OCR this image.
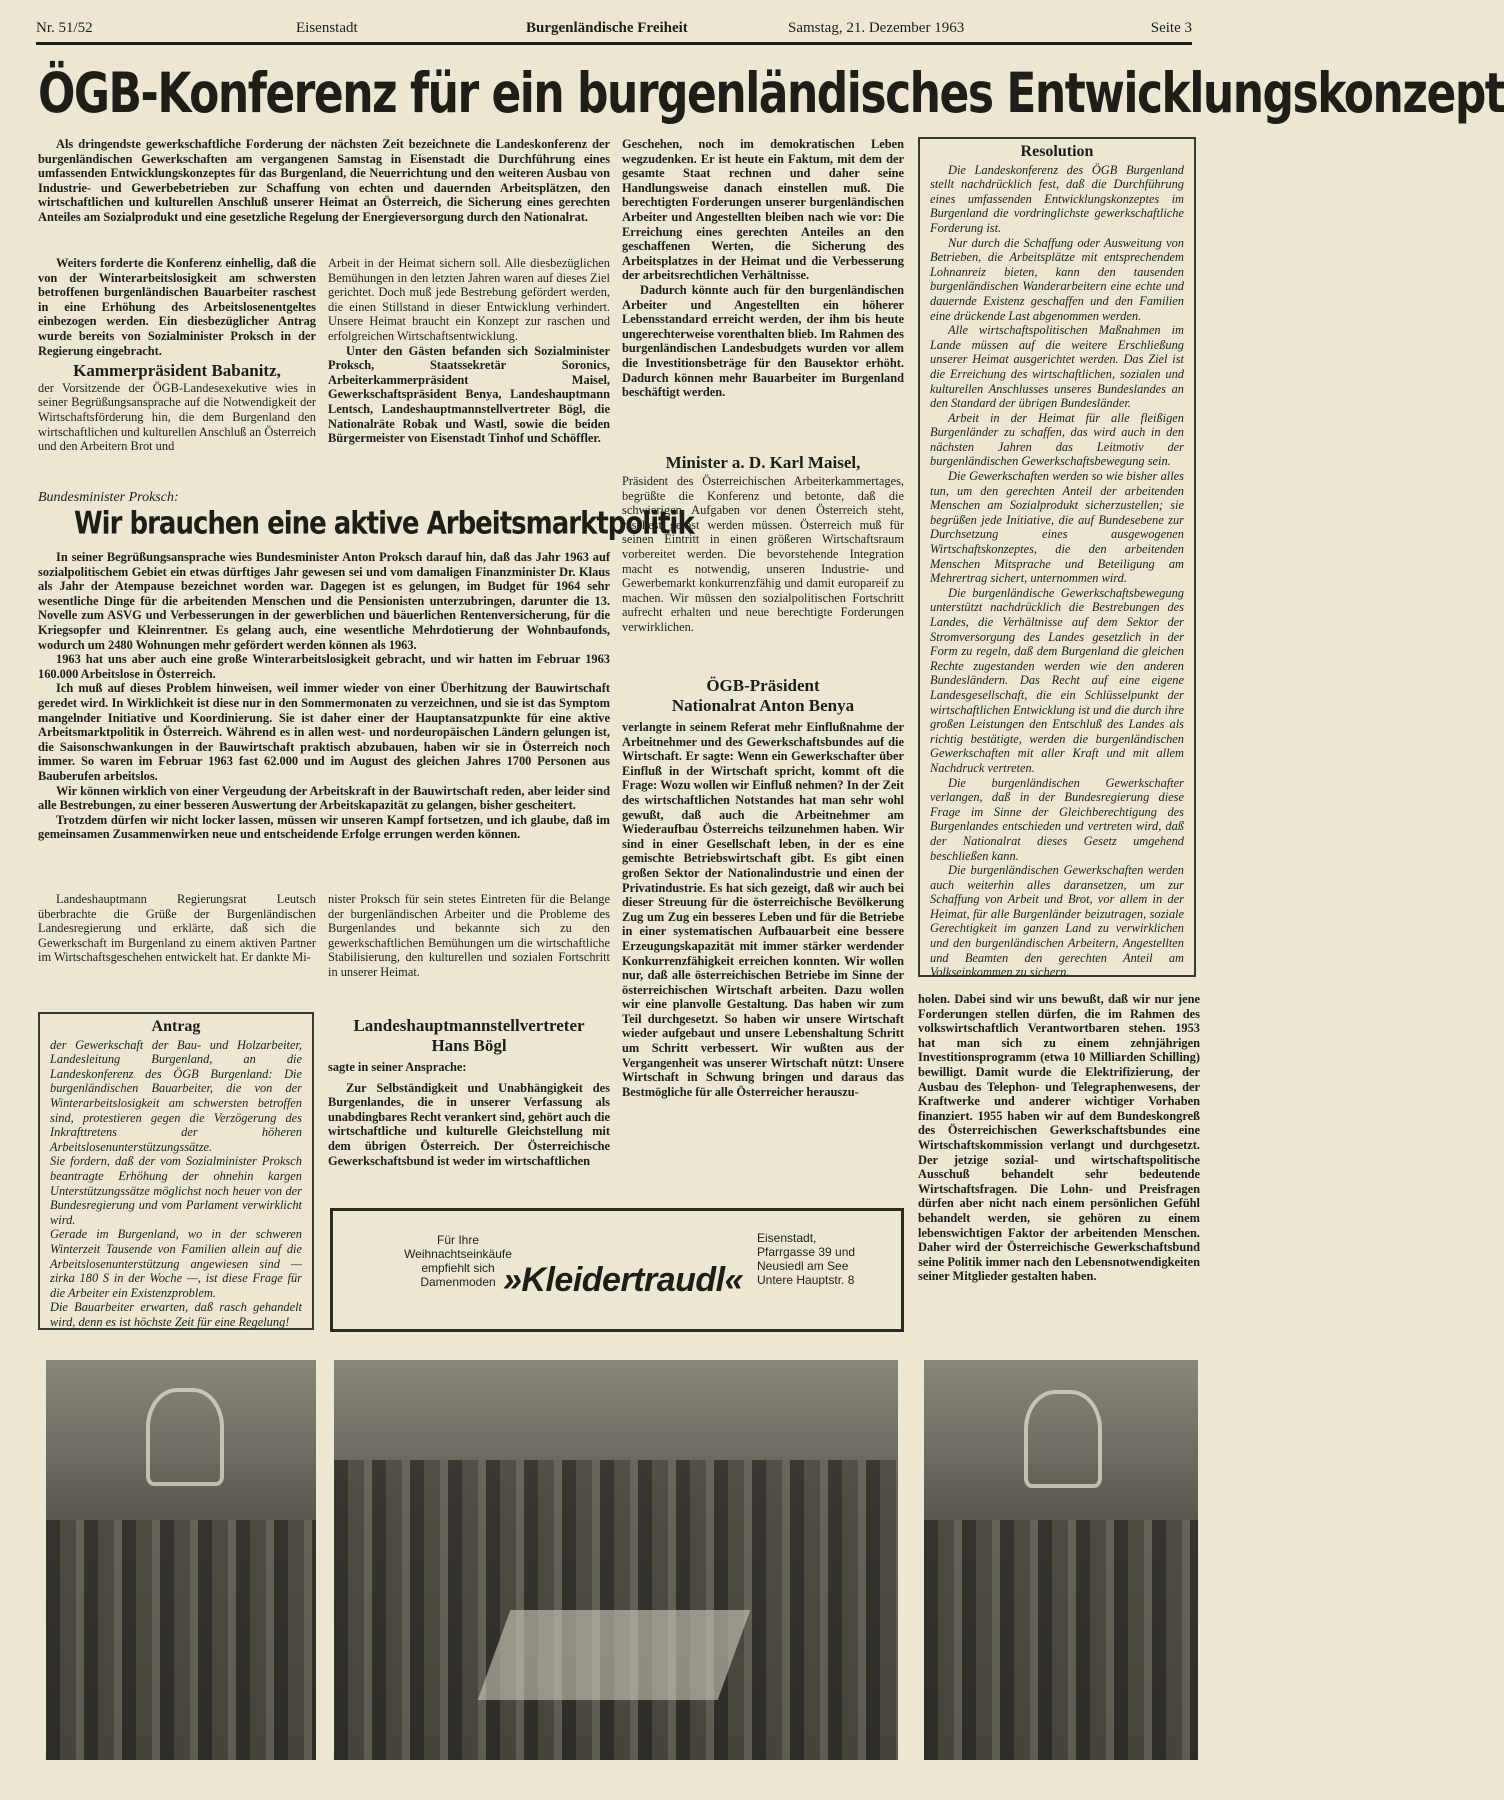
Nr. 51/52	Eisenstadt	Burgenländische Freiheit	Samstag, 21. Dezember 1963	Seite 3
ÖGB-Konferenz für ein burgenländisches Entwicklungskonzept

Als dringendste gewerkschaftliche Forderung der nächsten Zeit bezeichnete die Landeskonferenz der burgenländischen Gewerkschaften am vergangenen Samstag in Eisenstadt die Durchführung eines umfassenden Entwicklungskonzeptes für das Burgenland, die Neuerrichtung und den weiteren Ausbau von Industrie- und Gewerbebetrieben zur Schaffung von echten und dauernden Arbeitsplätzen, den wirtschaftlichen und kulturellen Anschluß unserer Heimat an Österreich, die Sicherung eines gerechten Anteiles am Sozialprodukt und eine gesetzliche Regelung der Energieversorgung durch den Nationalrat.

Weiters forderte die Konferenz einhellig, daß die von der Winterarbeitslosigkeit am schwersten betroffenen burgenländischen Bauarbeiter raschest in eine Erhöhung des Arbeitslosenentgeltes einbezogen werden. Ein diesbezüglicher Antrag wurde bereits von Sozialminister Proksch in der Regierung eingebracht.

Kammerpräsident Babanitz,

der Vorsitzende der ÖGB-Landesexekutive wies in seiner Begrüßungsansprache auf die Notwendigkeit der Wirtschaftsförderung hin, die dem Burgenland den wirtschaftlichen und kulturellen Anschluß an Österreich und den Arbeitern Brot und

Arbeit in der Heimat sichern soll. Alle diesbezüglichen Bemühungen in den letzten Jahren waren auf dieses Ziel gerichtet. Doch muß jede Bestrebung gefördert werden, die einen Stillstand in dieser Entwicklung verhindert. Unsere Heimat braucht ein Konzept zur raschen und erfolgreichen Wirtschaftsentwicklung.

Unter den Gästen befanden sich Sozialminister Proksch, Staatssekretär Soronics, Arbeiterkammerpräsident Maisel, Gewerkschaftspräsident Benya, Landeshauptmann Lentsch, Landeshauptmannstellvertreter Bögl, die Nationalräte Robak und Wastl, sowie die beiden Bürgermeister von Eisenstadt Tinhof und Schöffler.

Geschehen, noch im demokratischen Leben wegzudenken. Er ist heute ein Faktum, mit dem der gesamte Staat rechnen und daher seine Handlungsweise danach einstellen muß. Die berechtigten Forderungen unserer burgenländischen Arbeiter und Angestellten bleiben nach wie vor: Die Erreichung eines gerechten Anteiles an den geschaffenen Werten, die Sicherung des Arbeitsplatzes in der Heimat und die Verbesserung der arbeitsrechtlichen Verhältnisse.

Dadurch könnte auch für den burgenländischen Arbeiter und Angestellten ein höherer Lebensstandard erreicht werden, der ihm bis heute ungerechterweise vorenthalten blieb. Im Rahmen des burgenländischen Landesbudgets wurden vor allem die Investitionsbeträge für den Bausektor erhöht. Dadurch können mehr Bauarbeiter im Burgenland beschäftigt werden.

Minister a. D. Karl Maisel,

Präsident des Österreichischen Arbeiterkammertages, begrüßte die Konferenz und betonte, daß die schwierigen Aufgaben vor denen Österreich steht, raschest gelöst werden müssen. Österreich muß für seinen Eintritt in einen größeren Wirtschaftsraum vorbereitet werden. Die bevorstehende Integration macht es notwendig, unseren Industrie- und Gewerbemarkt konkurrenzfähig und damit europareif zu machen. Wir müssen den sozialpolitischen Fortschritt aufrecht erhalten und neue berechtigte Forderungen verwirklichen.

ÖGB-Präsident
Nationalrat Anton Benya

verlangte in seinem Referat mehr Einflußnahme der Arbeitnehmer und des Gewerkschaftsbundes auf die Wirtschaft. Er sagte: Wenn ein Gewerkschafter über Einfluß in der Wirtschaft spricht, kommt oft die Frage: Wozu wollen wir Einfluß nehmen? In der Zeit des wirtschaftlichen Notstandes hat man sehr wohl gewußt, daß auch die Arbeitnehmer am Wiederaufbau Österreichs teilzunehmen haben. Wir sind in einer Gesellschaft leben, in der es eine gemischte Betriebswirtschaft gibt. Es gibt einen großen Sektor der Nationalindustrie und einen der Privatindustrie. Es hat sich gezeigt, daß wir auch bei dieser Streuung für die österreichische Bevölkerung Zug um Zug ein besseres Leben und für die Betriebe in einer systematischen Aufbauarbeit eine bessere Erzeugungskapazität mit immer stärker werdender Konkurrenzfähigkeit erreichen konnten. Wir wollen nur, daß alle österreichischen Betriebe im Sinne der österreichischen Wirtschaft arbeiten. Dazu wollen wir eine planvolle Gestaltung. Das haben wir zum Teil durchgesetzt. So haben wir unsere Wirtschaft wieder aufgebaut und unsere Lebenshaltung Schritt um Schritt verbessert. Wir wußten aus der Vergangenheit was unserer Wirtschaft nützt: Unsere Wirtschaft in Schwung bringen und daraus das Bestmögliche für alle Österreicher herauszu-

Resolution

Die Landeskonferenz des ÖGB Burgenland stellt nachdrücklich fest, daß die Durchführung eines umfassenden Entwicklungskonzeptes im Burgenland die vordringlichste gewerkschaftliche Forderung ist.

Nur durch die Schaffung oder Ausweitung von Betrieben, die Arbeitsplätze mit entsprechendem Lohnanreiz bieten, kann den tausenden burgenländischen Wanderarbeitern eine echte und dauernde Existenz geschaffen und den Familien eine drückende Last abgenommen werden.

Alle wirtschaftspolitischen Maßnahmen im Lande müssen auf die weitere Erschließung unserer Heimat ausgerichtet werden. Das Ziel ist die Erreichung des wirtschaftlichen, sozialen und kulturellen Anschlusses unseres Bundeslandes an den Standard der übrigen Bundesländer.

Arbeit in der Heimat für alle fleißigen Burgenländer zu schaffen, das wird auch in den nächsten Jahren das Leitmotiv der burgenländischen Gewerkschaftsbewegung sein.

Die Gewerkschaften werden so wie bisher alles tun, um den gerechten Anteil der arbeitenden Menschen am Sozialprodukt sicherzustellen; sie begrüßen jede Initiative, die auf Bundesebene zur Durchsetzung eines ausgewogenen Wirtschaftskonzeptes, die den arbeitenden Menschen Mitsprache und Beteiligung am Mehrertrag sichert, unternommen wird.

Die burgenländische Gewerkschaftsbewegung unterstützt nachdrücklich die Bestrebungen des Landes, die Verhältnisse auf dem Sektor der Stromversorgung des Landes gesetzlich in der Form zu regeln, daß dem Burgenland die gleichen Rechte zugestanden werden wie den anderen Bundesländern. Das Recht auf eine eigene Landesgesellschaft, die ein Schlüsselpunkt der wirtschaftlichen Entwicklung ist und die durch ihre großen Leistungen den Entschluß des Landes als richtig bestätigte, werden die burgenländischen Gewerkschaften mit aller Kraft und mit allem Nachdruck vertreten.

Die burgenländischen Gewerkschafter verlangen, daß in der Bundesregierung diese Frage im Sinne der Gleichberechtigung des Burgenlandes entschieden und vertreten wird, daß der Nationalrat dieses Gesetz umgehend beschließen kann.

Die burgenländischen Gewerkschaften werden auch weiterhin alles daransetzen, um zur Schaffung von Arbeit und Brot, vor allem in der Heimat, für alle Burgenländer beizutragen, soziale Gerechtigkeit im ganzen Land zu verwirklichen und den burgenländischen Arbeitern, Angestellten und Beamten den gerechten Anteil am Volkseinkommen zu sichern.

Bundesminister Proksch:
Wir brauchen eine aktive Arbeitsmarktpolitik

In seiner Begrüßungsansprache wies Bundesminister Anton Proksch darauf hin, daß das Jahr 1963 auf sozialpolitischem Gebiet ein etwas dürftiges Jahr gewesen sei und vom damaligen Finanzminister Dr. Klaus als Jahr der Atempause bezeichnet worden war. Dagegen ist es gelungen, im Budget für 1964 sehr wesentliche Dinge für die arbeitenden Menschen und die Pensionisten unterzubringen, darunter die 13. Novelle zum ASVG und Verbesserungen in der gewerblichen und bäuerlichen Rentenversicherung, für die Kriegsopfer und Kleinrentner. Es gelang auch, eine wesentliche Mehrdotierung der Wohnbaufonds, wodurch um 2480 Wohnungen mehr gefördert werden können als 1963.

1963 hat uns aber auch eine große Winterarbeitslosigkeit gebracht, und wir hatten im Februar 1963 160.000 Arbeitslose in Österreich.

Ich muß auf dieses Problem hinweisen, weil immer wieder von einer Überhitzung der Bauwirtschaft geredet wird. In Wirklichkeit ist diese nur in den Sommermonaten zu verzeichnen, und sie ist das Symptom mangelnder Initiative und Koordinierung. Sie ist daher einer der Hauptansatzpunkte für eine aktive Arbeitsmarktpolitik in Österreich. Während es in allen west- und nordeuropäischen Ländern gelungen ist, die Saisonschwankungen in der Bauwirtschaft praktisch abzubauen, haben wir sie in Österreich noch immer. So waren im Februar 1963 fast 62.000 und im August des gleichen Jahres 1700 Personen aus Bauberufen arbeitslos.

Wir können wirklich von einer Vergeudung der Arbeitskraft in der Bauwirtschaft reden, aber leider sind alle Bestrebungen, zu einer besseren Auswertung der Arbeitskapazität zu gelangen, bisher gescheitert.

Trotzdem dürfen wir nicht locker lassen, müssen wir unseren Kampf fortsetzen, und ich glaube, daß im gemeinsamen Zusammenwirken neue und entscheidende Erfolge errungen werden können.

Landeshauptmann Regierungsrat Leutsch überbrachte die Grüße der Burgenländischen Landesregierung und erklärte, daß sich die Gewerkschaft im Burgenland zu einem aktiven Partner im Wirtschaftsgeschehen entwickelt hat. Er dankte Mi-

nister Proksch für sein stetes Eintreten für die Belange der burgenländischen Arbeiter und die Probleme des Burgenlandes und bekannte sich zu den gewerkschaftlichen Bemühungen um die wirtschaftliche Stabilisierung, den kulturellen und sozialen Fortschritt in unserer Heimat.

Antrag

der Gewerkschaft der Bau- und Holzarbeiter, Landesleitung Burgenland, an die Landeskonferenz des ÖGB Burgenland: Die burgenländischen Bauarbeiter, die von der Winterarbeitslosigkeit am schwersten betroffen sind, protestieren gegen die Verzögerung des Inkrafttretens der höheren Arbeitslosenunterstützungssätze.

Sie fordern, daß der vom Sozialminister Proksch beantragte Erhöhung der ohnehin kargen Unterstützungssätze möglichst noch heuer von der Bundesregierung und vom Parlament verwirklicht wird.

Gerade im Burgenland, wo in der schweren Winterzeit Tausende von Familien allein auf die Arbeitslosenunterstützung angewiesen sind — zirka 180 S in der Woche —, ist diese Frage für die Arbeiter ein Existenzproblem.

Die Bauarbeiter erwarten, daß rasch gehandelt wird, denn es ist höchste Zeit für eine Regelung!

Landeshauptmannstellvertreter
Hans Bögl

sagte in seiner Ansprache:

Zur Selbständigkeit und Unabhängigkeit des Burgenlandes, die in unserer Verfassung als unabdingbares Recht verankert sind, gehört auch die wirtschaftliche und kulturelle Gleichstellung mit dem übrigen Österreich. Der Österreichische Gewerkschaftsbund ist weder im wirtschaftlichen

holen. Dabei sind wir uns bewußt, daß wir nur jene Forderungen stellen dürfen, die im Rahmen des volkswirtschaftlich Verantwortbaren stehen. 1953 hat man sich zu einem zehnjährigen Investitionsprogramm (etwa 10 Milliarden Schilling) bewilligt. Damit wurde die Elektrifizierung, der Ausbau des Telephon- und Telegraphenwesens, der Kraftwerke und anderer wichtiger Vorhaben finanziert. 1955 haben wir auf dem Bundeskongreß des Österreichischen Gewerkschaftsbundes eine Wirtschaftskommission verlangt und durchgesetzt. Der jetzige sozial- und wirtschaftspolitische Ausschuß behandelt sehr bedeutende Wirtschaftsfragen. Die Lohn- und Preisfragen dürfen aber nicht nach einem persönlichen Gefühl behandelt werden, sie gehören zu einem lebenswichtigen Faktor der arbeitenden Menschen. Daher wird der Österreichische Gewerkschaftsbund seine Politik immer nach den Lebensnotwendigkeiten seiner Mitglieder gestalten haben.

Für Ihre Weihnachtseinkäufe empfiehlt sich Damenmoden »Kleidertraudl«
Eisenstadt,
Pfarrgasse 39 und
Neusiedl am See
Untere Hauptstr. 8
